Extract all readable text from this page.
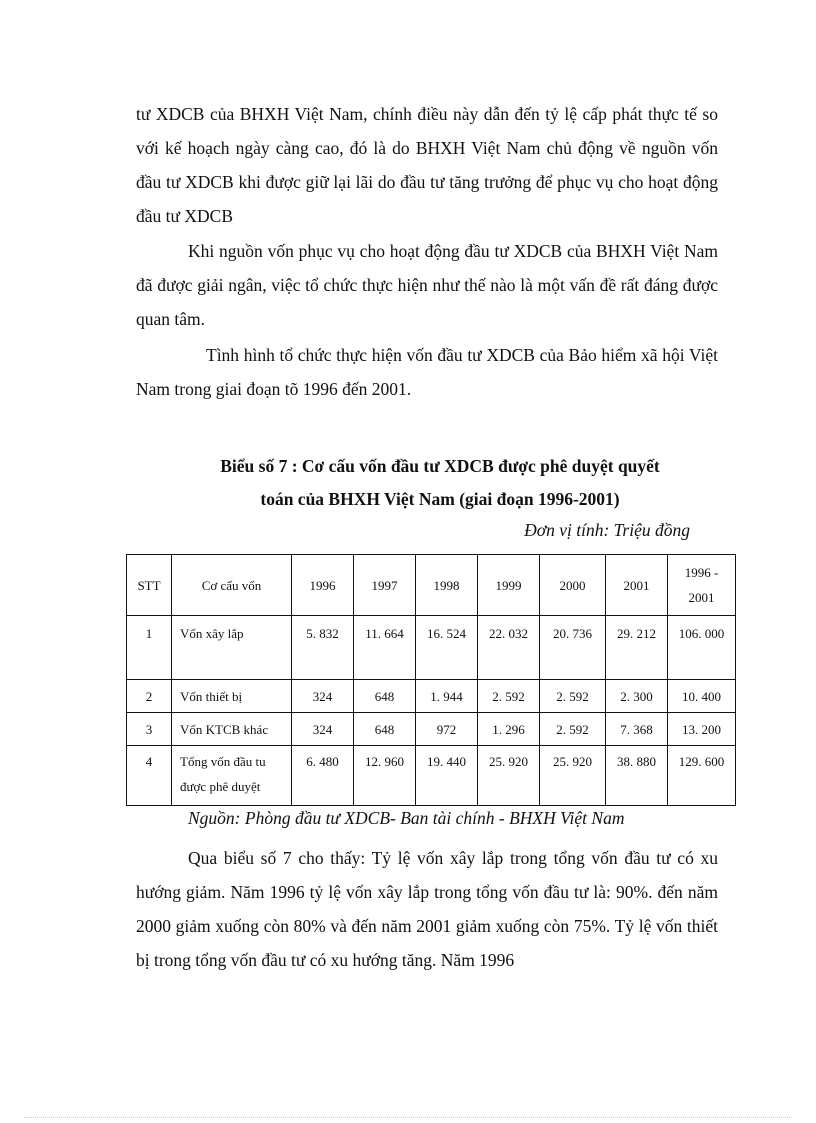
tư XDCB của BHXH Việt Nam, chính điều này dẫn đến tỷ lệ cấp phát thực tế so với kế hoạch ngày càng cao, đó là do BHXH Việt Nam chủ động về nguồn vốn đầu tư XDCB khi được giữ lại lãi do đầu tư tăng trưởng để phục vụ cho hoạt động đầu tư XDCB

Khi nguồn vốn phục vụ cho hoạt động đầu tư XDCB của BHXH Việt Nam đã được giải ngân, việc tổ chức thực hiện như thế nào là một vấn đề rất đáng được quan tâm.

Tình hình tổ chức thực hiện vốn đầu tư XDCB của Bảo hiểm xã hội Việt Nam trong giai đoạn tõ 1996 đến 2001.

Biểu số 7 : Cơ cấu vốn đầu tư XDCB được phê duyệt quyết
toán của BHXH Việt Nam (giai đoạn 1996-2001)
Đơn vị tính: Triệu đồng
STT	Cơ cấu vốn	1996	1997	1998	1999	2000	2001	1996 - 2001
1	Vốn xây lắp	5. 832	11. 664	16. 524	22. 032	20. 736	29. 212	106. 000
2	Vốn thiết bị	324	648	1. 944	2. 592	2. 592	2. 300	10. 400
3	Vốn KTCB khác	324	648	972	1. 296	2. 592	7. 368	13. 200
4	Tổng vốn đầu tu được phê duyệt	6. 480	12. 960	19. 440	25. 920	25. 920	38. 880	129. 600
Nguồn: Phòng đầu tư XDCB- Ban tài chính - BHXH Việt Nam

Qua biểu số 7 cho thấy: Tỷ lệ vốn xây lắp trong tổng vốn đầu tư có xu hướng giảm. Năm 1996 tỷ lệ vốn xây lắp trong tổng vốn đầu tư là: 90%. đến năm 2000 giảm xuống còn 80% và đến năm 2001 giảm xuống còn 75%. Tỷ lệ vốn thiết bị trong tổng vốn đầu tư có xu hướng tăng. Năm 1996
